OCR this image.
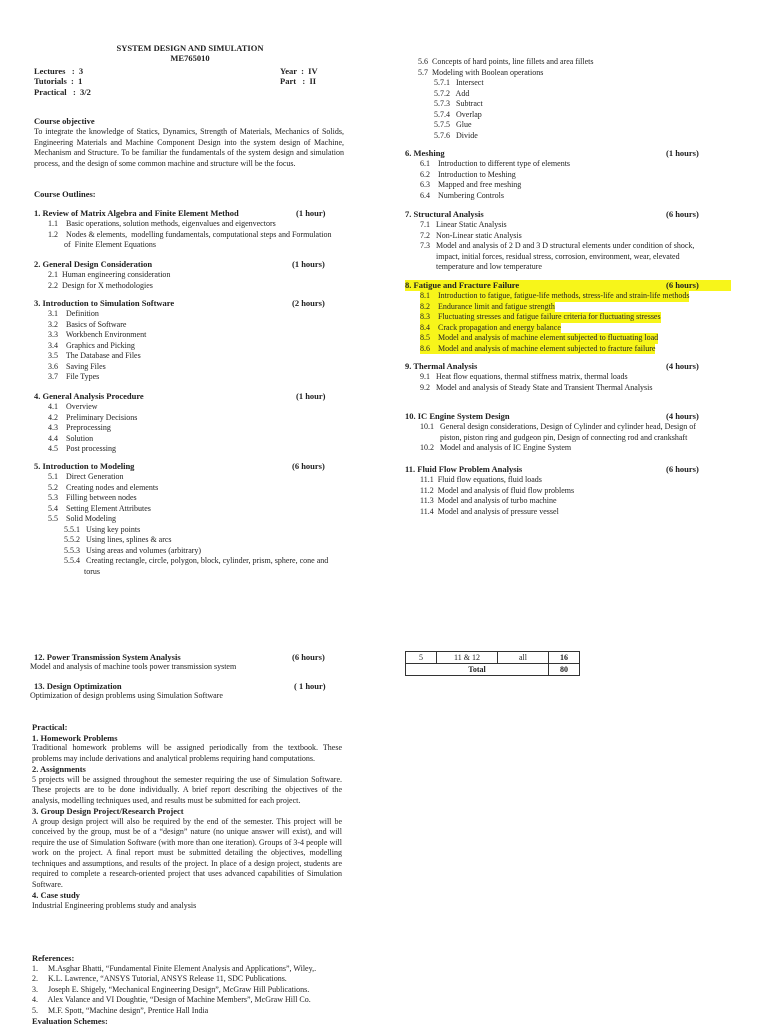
SYSTEM DESIGN AND SIMULATION
ME765010
Lectures   :  3
Tutorials  :  1
Practical   :  3/2
Year  :  IV
Part   :  II
Course objective
To integrate the knowledge of Statics, Dynamics, Strength of Materials, Mechanics of Solids, Engineering Materials and Machine Component Design into the system design of Machine, Mechanism and Structure. To be familiar the fundamentals of the system design and simulation process, and the design of some common machine and structure will be the focus.
Course Outlines:
1. Review of Matrix Algebra and Finite Element Method	(1 hour)
1.1    Basic operations, solution methods, eigenvalues and eigenvectors
1.2    Nodes & elements,  modelling fundamentals, computational steps and Formulation
of  Finite Element Equations
2. General Design Consideration	(1 hours)
2.1  Human engineering consideration
2.2  Design for X methodologies
3. Introduction to Simulation Software	(2 hours)
3.1    Definition
3.2    Basics of Software
3.3    Workbench Environment
3.4    Graphics and Picking
3.5    The Database and Files
3.6    Saving Files
3.7    File Types
4. General Analysis Procedure	(1 hour)
4.1    Overview
4.2    Preliminary Decisions
4.3    Preprocessing
4.4    Solution
4.5    Post processing
5. Introduction to Modeling	(6 hours)
5.1    Direct Generation
5.2    Creating nodes and elements
5.3    Filling between nodes
5.4    Setting Element Attributes
5.5    Solid Modeling
5.5.1   Using key points
5.5.2   Using lines, splines & arcs
5.5.3   Using areas and volumes (arbitrary)
5.5.4   Creating rectangle, circle, polygon, block, cylinder, prism, sphere, cone and
torus
5.6  Concepts of hard points, line fillets and area fillets
5.7  Modeling with Boolean operations
5.7.1   Intersect
5.7.2   Add
5.7.3   Subtract
5.7.4   Overlap
5.7.5   Glue
5.7.6   Divide
6. Meshing	(1 hours)
6.1    Introduction to different type of elements
6.2    Introduction to Meshing
6.3    Mapped and free meshing
6.4    Numbering Controls
7. Structural Analysis	(6 hours)
7.1   Linear Static Analysis
7.2   Non-Linear static Analysis
7.3   Model and analysis of 2 D and 3 D structural elements under condition of shock,
impact, initial forces, residual stress, corrosion, environment, wear, elevated
temperature and low temperature
8. Fatigue and Fracture Failure	(6 hours)
8.1    Introduction to fatigue, fatigue-life methods, stress-life and strain-life methods
8.2    Endurance limit and fatigue strength
8.3    Fluctuating stresses and fatigue failure criteria for fluctuating stresses
8.4    Crack propagation and energy balance
8.5    Model and analysis of machine element subjected to fluctuating load
8.6    Model and analysis of machine element subjected to fracture failure
9. Thermal Analysis	(4 hours)
9.1   Heat flow equations, thermal stiffness matrix, thermal loads
9.2   Model and analysis of Steady State and Transient Thermal Analysis
10. IC Engine System Design	(4 hours)
10.1   General design considerations, Design of Cylinder and cylinder head, Design of
piston, piston ring and gudgeon pin, Design of connecting rod and crankshaft
10.2   Model and analysis of IC Engine System
11. Fluid Flow Problem Analysis	(6 hours)
11.1  Fluid flow equations, fluid loads
11.2  Model and analysis of fluid flow problems
11.3  Model and analysis of turbo machine
11.4  Model and analysis of pressure vessel
12. Power Transmission System Analysis	(6 hours)
Model and analysis of machine tools power transmission system
13. Design Optimization	( 1 hour)
Optimization of design problems using Simulation Software
5	11 & 12	all	16
Total			80
Practical:
1. Homework Problems
Traditional homework problems will be assigned periodically from the textbook. These problems may include derivations and analytical problems requiring hand computations.
2. Assignments
5 projects will be assigned throughout the semester requiring the use of Simulation Software. These projects are to be done individually. A brief report describing the objectives of the analysis, modelling techniques used, and results must be submitted for each project.
3. Group Design Project/Research Project
A group design project will also be required by the end of the semester. This project will be conceived by the group, must be of a “design” nature (no unique answer will exist), and will require the use of Simulation Software (with more than one iteration). Groups of 3-4 people will work on the project. A final report must be submitted detailing the objectives, modelling techniques and assumptions, and results of the project. In place of a design project, students are required to complete a research-oriented project that uses advanced capabilities of Simulation Software.
4. Case study
Industrial Engineering problems study and analysis
References:
1.     M.Asghar Bhatti, “Fundamental Finite Element Analysis and Applications”, Wiley,.
2.     K.L. Lawrence, “ANSYS Tutorial, ANSYS Release 11, SDC Publications.
3.     Joseph E. Shigely, “Mechanical Engineering Design”, McGraw Hill Publications.
4.     Alex Valance and VI Doughtie, “Design of Machine Members”, McGraw Hill Co.
5.     M.F. Spott, “Machine design”, Prentice Hall India
Evaluation Schemes:
